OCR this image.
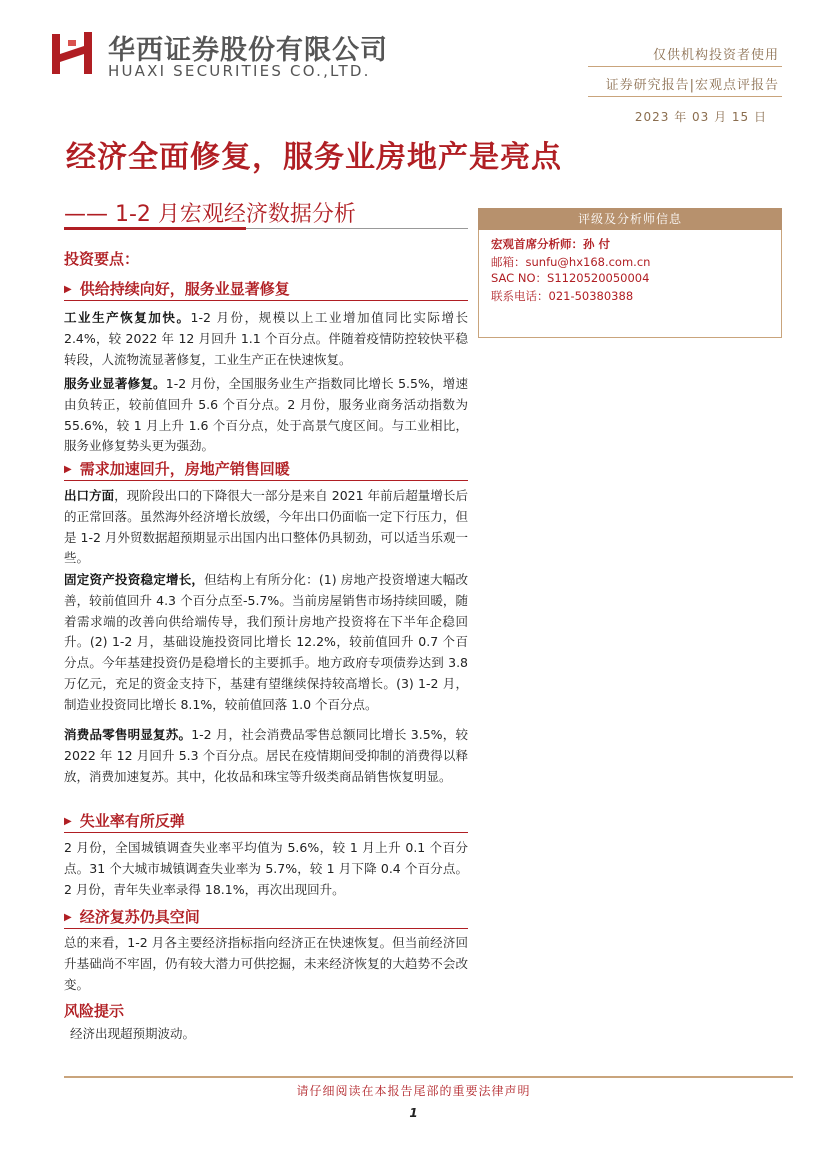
华西证券股份有限公司
HUAXI SECURITIES CO.,LTD.
仅供机构投资者使用
证券研究报告|宏观点评报告
2023 年 03 月 15 日
经济全面修复，服务业房地产是亮点
—— 1-2 月宏观经济数据分析	评级及分析师信息
宏观首席分析师：孙 付
邮箱：sunfu@hx168.com.cn
SAC NO：S1120520050004
联系电话：021-50380388
投资要点：
▶ 供给持续向好，服务业显著修复
工业生产恢复加快。1-2 月份，规模以上工业增加值同比实际增长 2.4%，较 2022 年 12 月回升 1.1 个百分点。伴随着疫情防控较快平稳转段，人流物流显著修复，工业生产正在快速恢复。
服务业显著修复。1-2 月份，全国服务业生产指数同比增长 5.5%，增速由负转正，较前值回升 5.6 个百分点。2 月份，服务业商务活动指数为 55.6%，较 1 月上升 1.6 个百分点，处于高景气度区间。与工业相比，服务业修复势头更为强劲。
▶ 需求加速回升，房地产销售回暖
出口方面，现阶段出口的下降很大一部分是来自 2021 年前后超量增长后的正常回落。虽然海外经济增长放缓，今年出口仍面临一定下行压力，但是 1-2 月外贸数据超预期显示出国内出口整体仍具韧劲，可以适当乐观一些。
固定资产投资稳定增长，但结构上有所分化：(1) 房地产投资增速大幅改善，较前值回升 4.3 个百分点至-5.7%。当前房屋销售市场持续回暖，随着需求端的改善向供给端传导，我们预计房地产投资将在下半年企稳回升。(2) 1-2 月，基础设施投资同比增长 12.2%，较前值回升 0.7 个百分点。今年基建投资仍是稳增长的主要抓手。地方政府专项债券达到 3.8 万亿元，充足的资金支持下，基建有望继续保持较高增长。(3) 1-2 月，制造业投资同比增长 8.1%，较前值回落 1.0 个百分点。
消费品零售明显复苏。1-2 月，社会消费品零售总额同比增长 3.5%，较 2022 年 12 月回升 5.3 个百分点。居民在疫情期间受抑制的消费得以释放，消费加速复苏。其中，化妆品和珠宝等升级类商品销售恢复明显。
▶ 失业率有所反弹
2 月份，全国城镇调查失业率平均值为 5.6%，较 1 月上升 0.1 个百分点。31 个大城市城镇调查失业率为 5.7%，较 1 月下降 0.4 个百分点。2 月份，青年失业率录得 18.1%，再次出现回升。
▶ 经济复苏仍具空间
总的来看，1-2 月各主要经济指标指向经济正在快速恢复。但当前经济回升基础尚不牢固，仍有较大潜力可供挖掘，未来经济恢复的大趋势不会改变。
风险提示
经济出现超预期波动。
请仔细阅读在本报告尾部的重要法律声明
1
